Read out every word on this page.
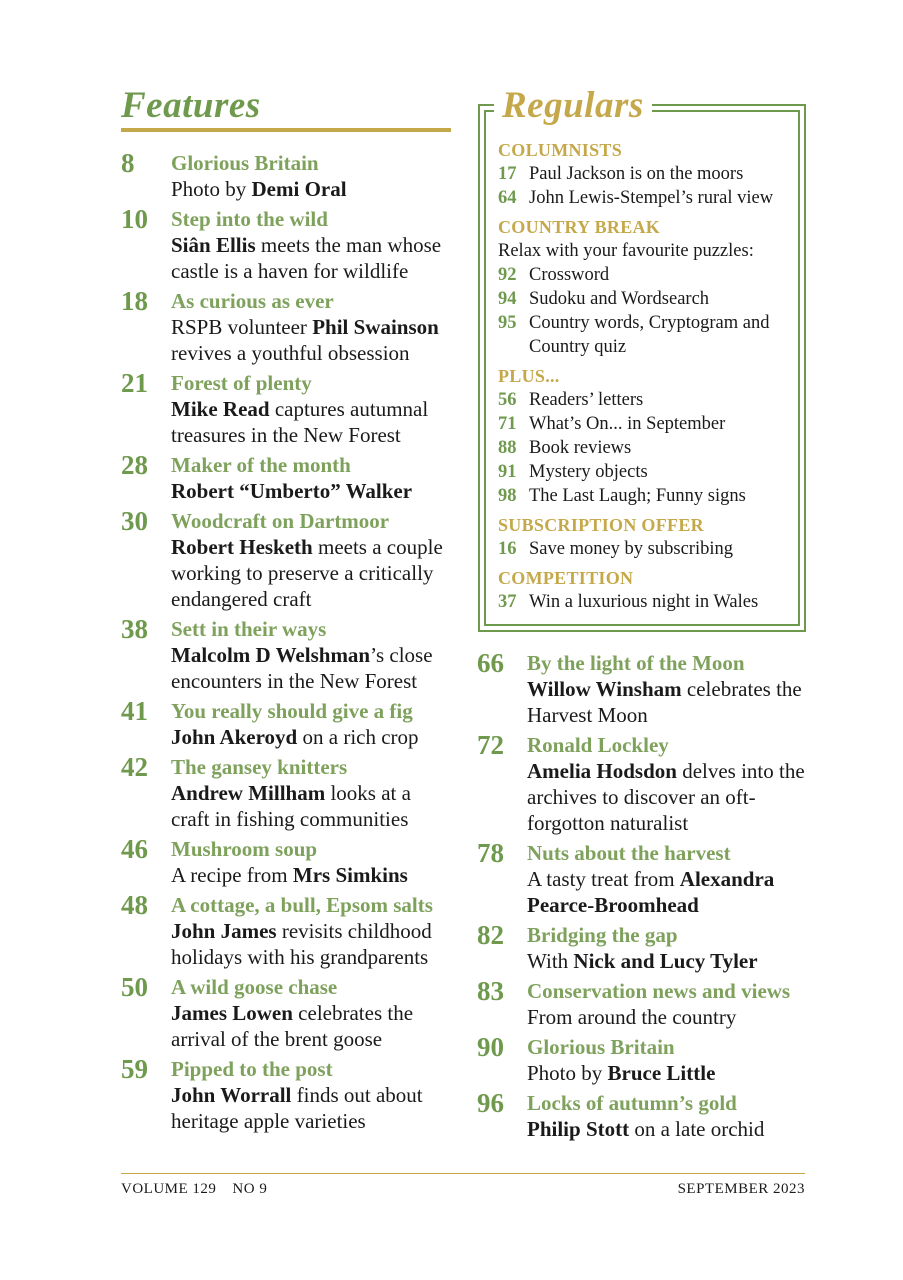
Features
8	Glorious Britain
Photo by Demi Oral
10	Step into the wild
Siân Ellis meets the man whose castle is a haven for wildlife
18	As curious as ever
RSPB volunteer Phil Swainson revives a youthful obsession
21	Forest of plenty
Mike Read captures autumnal treasures in the New Forest
28	Maker of the month
Robert “Umberto” Walker
30	Woodcraft on Dartmoor
Robert Hesketh meets a couple working to preserve a critically endangered craft
38	Sett in their ways
Malcolm D Welshman’s close encounters in the New Forest
41	You really should give a fig
John Akeroyd on a rich crop
42	The gansey knitters
Andrew Millham looks at a craft in fishing communities
46	Mushroom soup
A recipe from Mrs Simkins
48	A cottage, a bull, Epsom salts
John James revisits childhood holidays with his grandparents
50	A wild goose chase
James Lowen celebrates the arrival of the brent goose
59	Pipped to the post
John Worrall finds out about heritage apple varieties
Regulars
COLUMNISTS
17 Paul Jackson is on the moors
64 John Lewis-Stempel’s rural view
COUNTRY BREAK
Relax with your favourite puzzles:
92 Crossword
94 Sudoku and Wordsearch
95 Country words, Cryptogram and Country quiz
PLUS...
56 Readers’ letters
71 What’s On... in September
88 Book reviews
91 Mystery objects
98 The Last Laugh; Funny signs
SUBSCRIPTION OFFER
16 Save money by subscribing
COMPETITION
37 Win a luxurious night in Wales
66	By the light of the Moon
Willow Winsham celebrates the Harvest Moon
72	Ronald Lockley
Amelia Hodsdon delves into the archives to discover an oft-forgotton naturalist
78	Nuts about the harvest
A tasty treat from Alexandra Pearce-Broomhead
82	Bridging the gap
With Nick and Lucy Tyler
83	Conservation news and views
From around the country
90	Glorious Britain
Photo by Bruce Little
96	Locks of autumn’s gold
Philip Stott on a late orchid
VOLUME 129 NO 9	SEPTEMBER 2023
